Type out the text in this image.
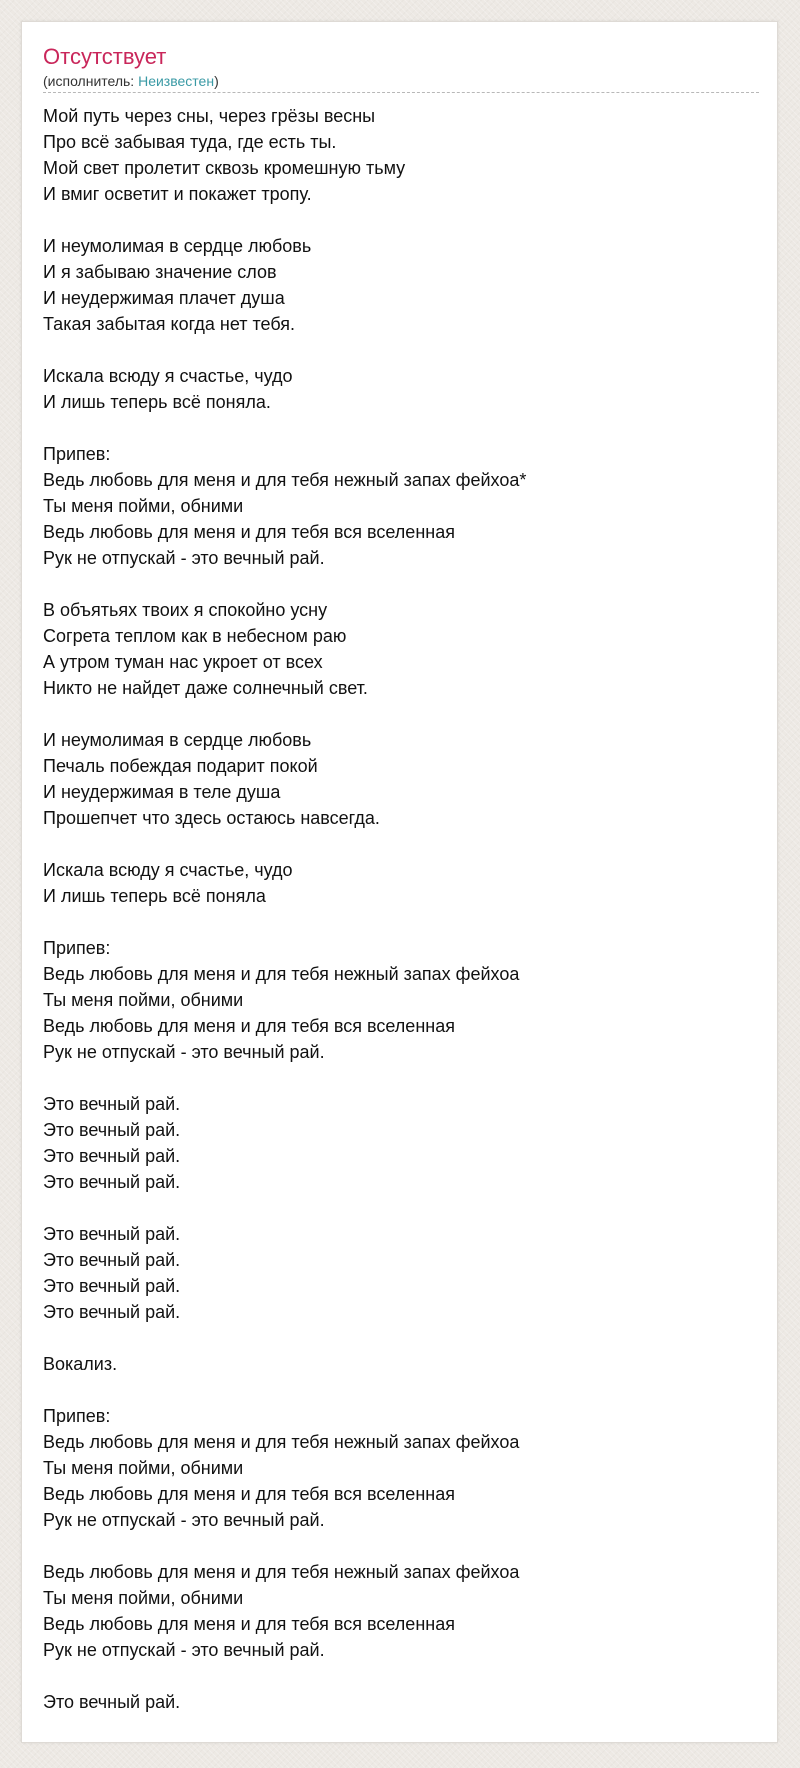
Отсутствует
(исполнитель: Неизвестен)
Мой путь через сны, через грёзы весны
Про всё забывая туда, где есть ты.
Мой свет пролетит сквозь кромешную тьму
И вмиг осветит и покажет тропу.
И неумолимая в сердце любовь
И я забываю значение слов
И неудержимая плачет душа
Такая забытая когда нет тебя.
Искала всюду я счастье, чудо
И лишь теперь всё поняла.
Припев:
Ведь любовь для меня и для тебя нежный запах фейхоа*
Ты меня пойми, обними
Ведь любовь для меня и для тебя вся вселенная
Рук не отпускай - это вечный рай.
В объятьях твоих я спокойно усну
Согрета теплом как в небесном раю
А утром туман нас укроет от всех
Никто не найдет даже солнечный свет.
И неумолимая в сердце любовь
Печаль побеждая подарит покой
И неудержимая в теле душа
Прошепчет что здесь остаюсь навсегда.
Искала всюду я счастье, чудо
И лишь теперь всё поняла
Припев:
Ведь любовь для меня и для тебя нежный запах фейхоа
Ты меня пойми, обними
Ведь любовь для меня и для тебя вся вселенная
Рук не отпускай - это вечный рай.
Это вечный рай.
Это вечный рай.
Это вечный рай.
Это вечный рай.
Это вечный рай.
Это вечный рай.
Это вечный рай.
Это вечный рай.
Вокализ.
Припев:
Ведь любовь для меня и для тебя нежный запах фейхоа
Ты меня пойми, обними
Ведь любовь для меня и для тебя вся вселенная
Рук не отпускай - это вечный рай.
Ведь любовь для меня и для тебя нежный запах фейхоа
Ты меня пойми, обними
Ведь любовь для меня и для тебя вся вселенная
Рук не отпускай - это вечный рай.
Это вечный рай.
